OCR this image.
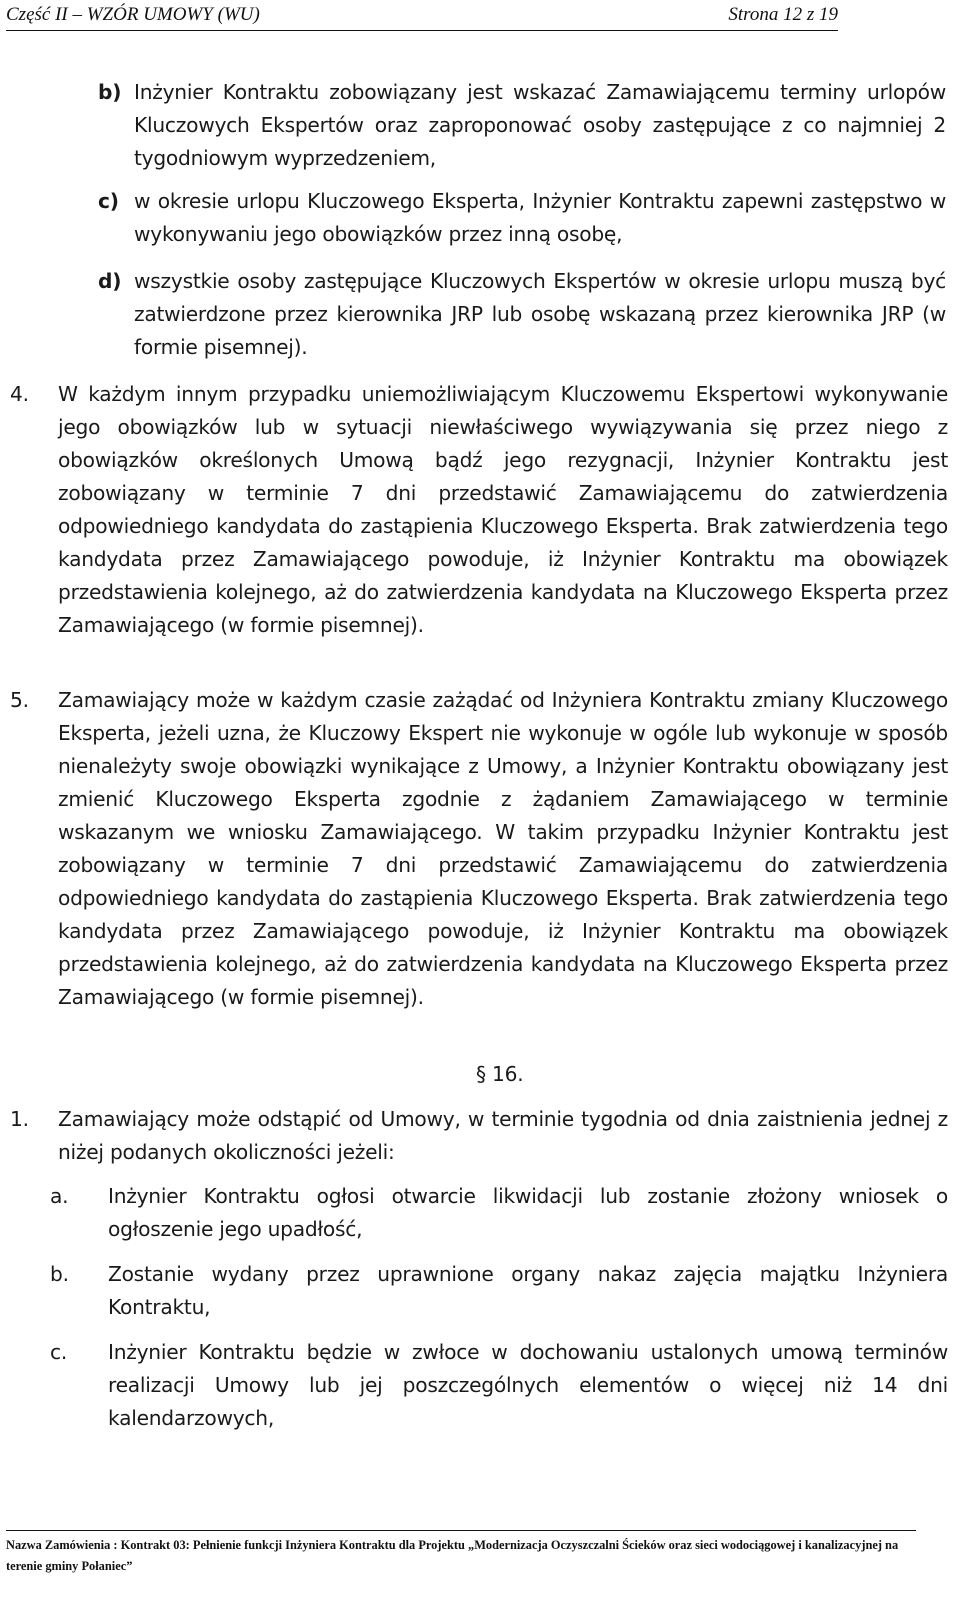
Część II – WZÓR UMOWY (WU)	Strona 12 z 19
b) Inżynier Kontraktu zobowiązany jest wskazać Zamawiającemu terminy urlopów Kluczowych Ekspertów oraz zaproponować osoby zastępujące z co najmniej 2 tygodniowym wyprzedzeniem,
c) w okresie urlopu Kluczowego Eksperta, Inżynier Kontraktu zapewni zastępstwo w wykonywaniu jego obowiązków przez inną osobę,
d) wszystkie osoby zastępujące Kluczowych Ekspertów w okresie urlopu muszą być zatwierdzone przez kierownika JRP lub osobę wskazaną przez kierownika JRP (w formie pisemnej).
4. W każdym innym przypadku uniemożliwiającym Kluczowemu Ekspertowi wykonywanie jego obowiązków lub w sytuacji niewłaściwego wywiązywania się przez niego z obowiązków określonych Umową bądź jego rezygnacji, Inżynier Kontraktu jest zobowiązany w terminie 7 dni przedstawić Zamawiającemu do zatwierdzenia odpowiedniego kandydata do zastąpienia Kluczowego Eksperta. Brak zatwierdzenia tego kandydata przez Zamawiającego powoduje, iż Inżynier Kontraktu ma obowiązek przedstawienia kolejnego, aż do zatwierdzenia kandydata na Kluczowego Eksperta przez Zamawiającego (w formie pisemnej).
5. Zamawiający może w każdym czasie zażądać od Inżyniera Kontraktu zmiany Kluczowego Eksperta, jeżeli uzna, że Kluczowy Ekspert nie wykonuje w ogóle lub wykonuje w sposób nienależyty swoje obowiązki wynikające z Umowy, a Inżynier Kontraktu obowiązany jest zmienić Kluczowego Eksperta zgodnie z żądaniem Zamawiającego w terminie wskazanym we wniosku Zamawiającego. W takim przypadku Inżynier Kontraktu jest zobowiązany w terminie 7 dni przedstawić Zamawiającemu do zatwierdzenia odpowiedniego kandydata do zastąpienia Kluczowego Eksperta. Brak zatwierdzenia tego kandydata przez Zamawiającego powoduje, iż Inżynier Kontraktu ma obowiązek przedstawienia kolejnego, aż do zatwierdzenia kandydata na Kluczowego Eksperta przez Zamawiającego (w formie pisemnej).
§ 16.
1. Zamawiający może odstąpić od Umowy, w terminie tygodnia od dnia zaistnienia jednej z niżej podanych okoliczności jeżeli:
a. Inżynier Kontraktu ogłosi otwarcie likwidacji lub zostanie złożony wniosek o ogłoszenie jego upadłość,
b. Zostanie wydany przez uprawnione organy nakaz zajęcia majątku Inżyniera Kontraktu,
c. Inżynier Kontraktu będzie w zwłoce w dochowaniu ustalonych umową terminów realizacji Umowy lub jej poszczególnych elementów o więcej niż 14 dni kalendarzowych,
Nazwa Zamówienia : Kontrakt 03: Pełnienie funkcji Inżyniera Kontraktu dla Projektu „Modernizacja Oczyszczalni Ścieków oraz sieci wodociągowej i kanalizacyjnej na terenie gminy Połaniec”
